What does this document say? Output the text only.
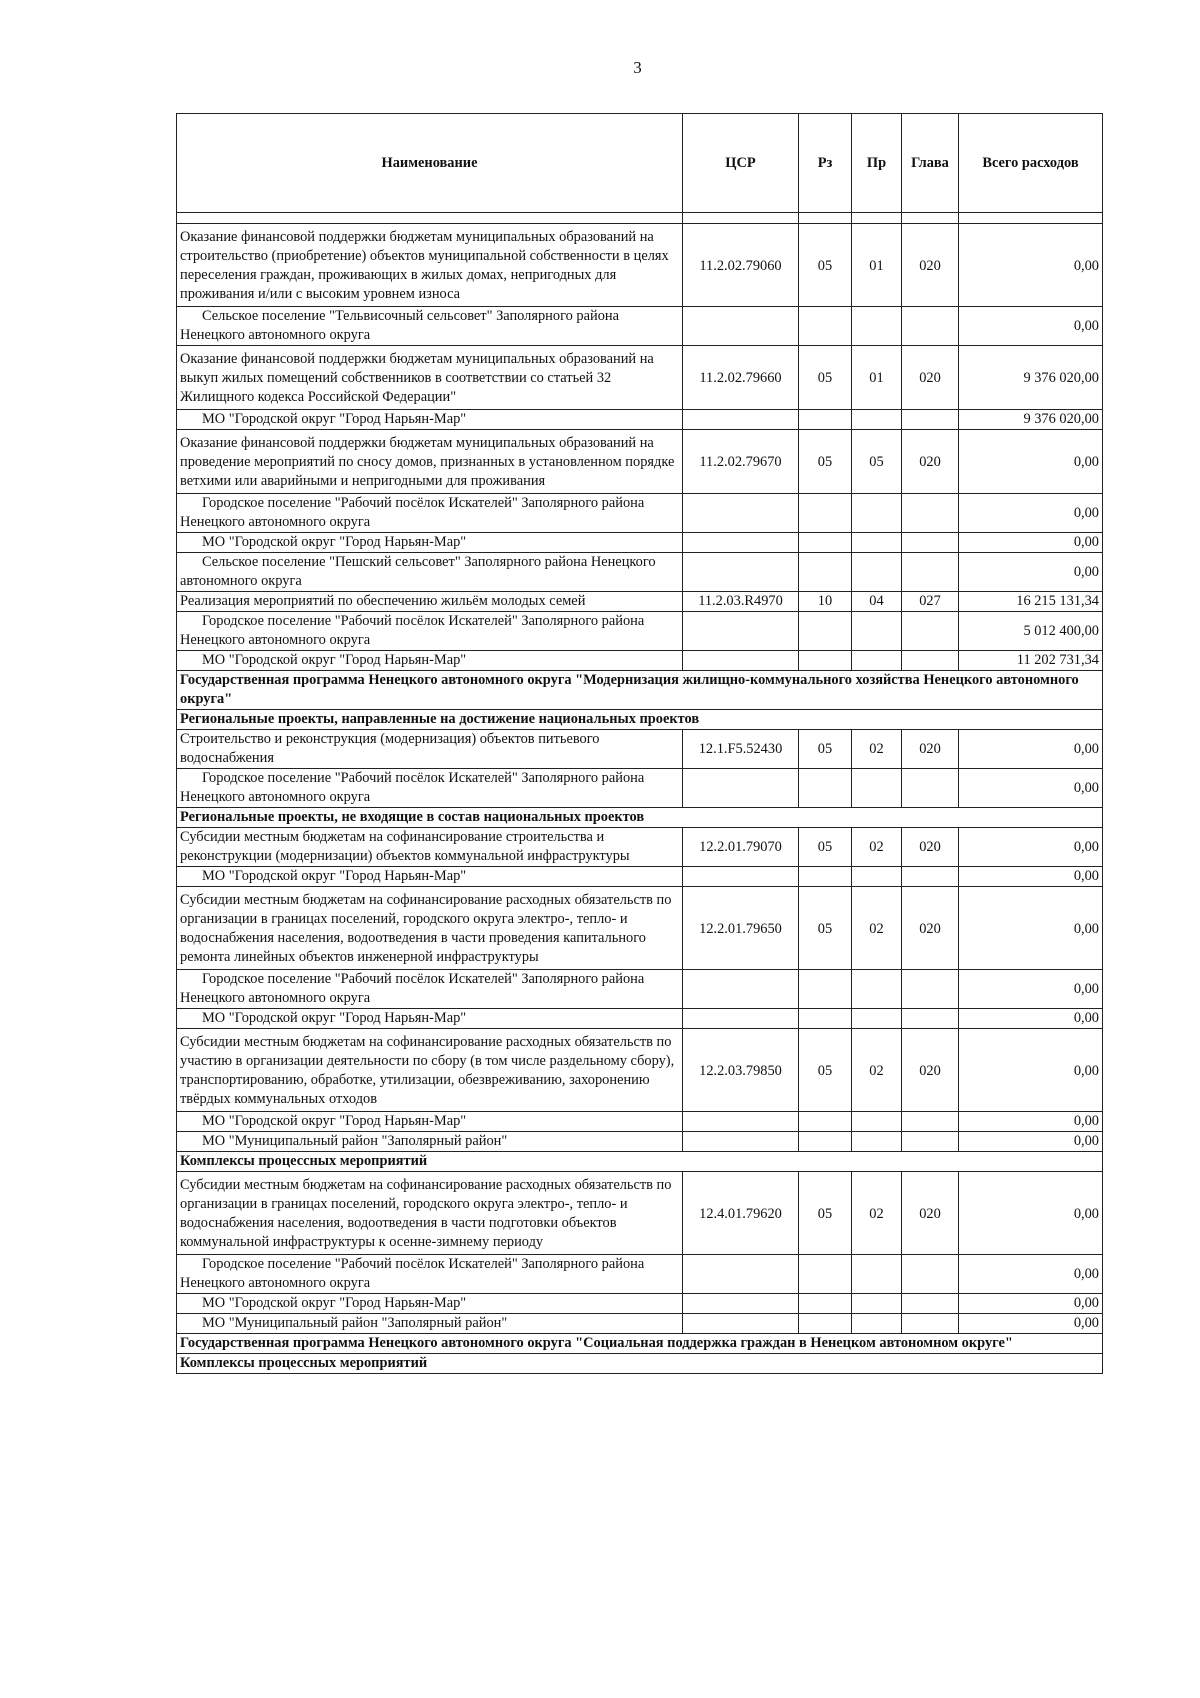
3
Наименование	ЦСР	Рз	Пр	Глава	Всего расходов

Оказание финансовой поддержки бюджетам муниципальных образований на строительство (приобретение) объектов муниципальной собственности в целях переселения граждан, проживающих в жилых домах, непригодных для проживания и/или с высоким уровнем износа	11.2.02.79060	05	01	020	0,00
Сельское поселение "Тельвисочный сельсовет" Заполярного района Ненецкого автономного округа					0,00
Оказание финансовой поддержки бюджетам муниципальных образований на выкуп жилых помещений собственников в соответствии со статьей 32 Жилищного кодекса Российской Федерации"	11.2.02.79660	05	01	020	9 376 020,00
МО "Городской округ "Город Нарьян-Мар"					9 376 020,00
Оказание финансовой поддержки бюджетам муниципальных образований на проведение мероприятий по сносу домов, признанных в установленном порядке ветхими или аварийными и непригодными для проживания	11.2.02.79670	05	05	020	0,00
Городское поселение "Рабочий посёлок Искателей" Заполярного района Ненецкого автономного округа					0,00
МО "Городской округ "Город Нарьян-Мар"					0,00
Сельское поселение "Пешский сельсовет" Заполярного района Ненецкого автономного округа					0,00
Реализация мероприятий по обеспечению жильём молодых семей	11.2.03.R4970	10	04	027	16 215 131,34
Городское поселение "Рабочий посёлок Искателей" Заполярного района Ненецкого автономного округа					5 012 400,00
МО "Городской округ "Город Нарьян-Мар"					11 202 731,34
Государственная программа Ненецкого автономного округа "Модернизация жилищно-коммунального хозяйства Ненецкого автономного округа"					
Региональные проекты, направленные на достижение национальных проектов					
Строительство и реконструкция (модернизация) объектов питьевого водоснабжения	12.1.F5.52430	05	02	020	0,00
Городское поселение "Рабочий посёлок Искателей" Заполярного района Ненецкого автономного округа					0,00
Региональные проекты, не входящие в состав национальных проектов					
Субсидии местным бюджетам на софинансирование строительства и реконструкции (модернизации) объектов коммунальной инфраструктуры	12.2.01.79070	05	02	020	0,00
МО "Городской округ "Город Нарьян-Мар"					0,00
Субсидии местным бюджетам на софинансирование расходных обязательств по организации в границах поселений, городского округа электро-, тепло- и водоснабжения населения, водоотведения в части проведения капитального ремонта линейных объектов инженерной инфраструктуры	12.2.01.79650	05	02	020	0,00
Городское поселение "Рабочий посёлок Искателей" Заполярного района Ненецкого автономного округа					0,00
МО "Городской округ "Город Нарьян-Мар"					0,00
Субсидии местным бюджетам на софинансирование расходных обязательств по участию в организации деятельности по сбору (в том числе раздельному сбору), транспортированию, обработке, утилизации, обезвреживанию, захоронению твёрдых коммунальных отходов	12.2.03.79850	05	02	020	0,00
МО "Городской округ "Город Нарьян-Мар"					0,00
МО "Муниципальный район "Заполярный район"					0,00
Комплексы процессных мероприятий					
Субсидии местным бюджетам на софинансирование расходных обязательств по организации в границах поселений, городского округа электро-, тепло- и водоснабжения населения, водоотведения в части подготовки объектов коммунальной инфраструктуры к осенне-зимнему периоду	12.4.01.79620	05	02	020	0,00
Городское поселение "Рабочий посёлок Искателей" Заполярного района Ненецкого автономного округа					0,00
МО "Городской округ "Город Нарьян-Мар"					0,00
МО "Муниципальный район "Заполярный район"					0,00
Государственная программа Ненецкого автономного округа "Социальная поддержка граждан в Ненецком автономном округе"					
Комплексы процессных мероприятий					
